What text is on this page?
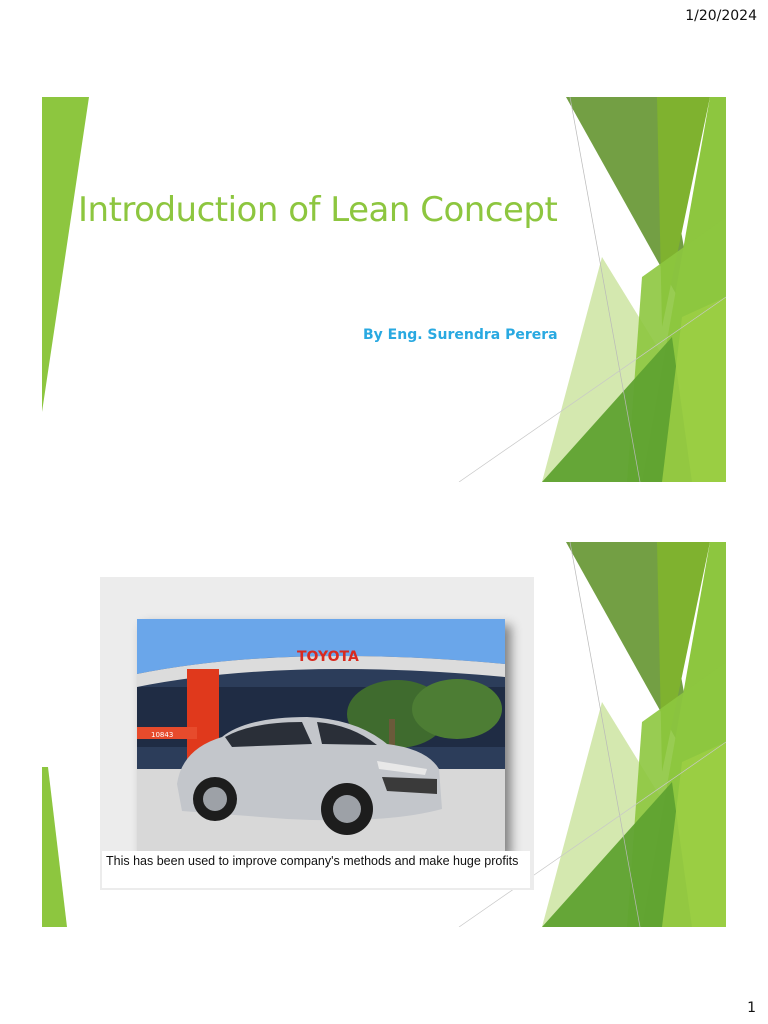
1/20/2024
Introduction of Lean Concept
By Eng. Surendra Perera
10843
TOYOTA
This has been used to improve company's methods and make huge profits
1
